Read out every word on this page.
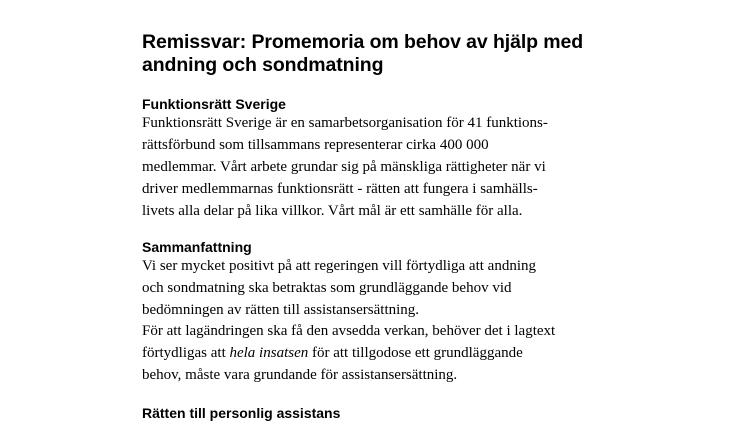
Remissvar: Promemoria om behov av hjälp med
andning och sondmatning
Funktionsrätt Sverige

Funktionsrätt Sverige är en samarbetsorganisation för 41 funktions-

rättsförbund som tillsammans representerar cirka 400 000

medlemmar. Vårt arbete grundar sig på mänskliga rättigheter när vi

driver medlemmarnas funktionsrätt - rätten att fungera i samhälls-

livets alla delar på lika villkor. Vårt mål är ett samhälle för alla.

Sammanfattning

Vi ser mycket positivt på att regeringen vill förtydliga att andning

och sondmatning ska betraktas som grundläggande behov vid

bedömningen av rätten till assistansersättning.

För att lagändringen ska få den avsedda verkan, behöver det i lagtext

förtydligas att hela insatsen för att tillgodose ett grundläggande

behov, måste vara grundande för assistansersättning.

Rätten till personlig assistans
